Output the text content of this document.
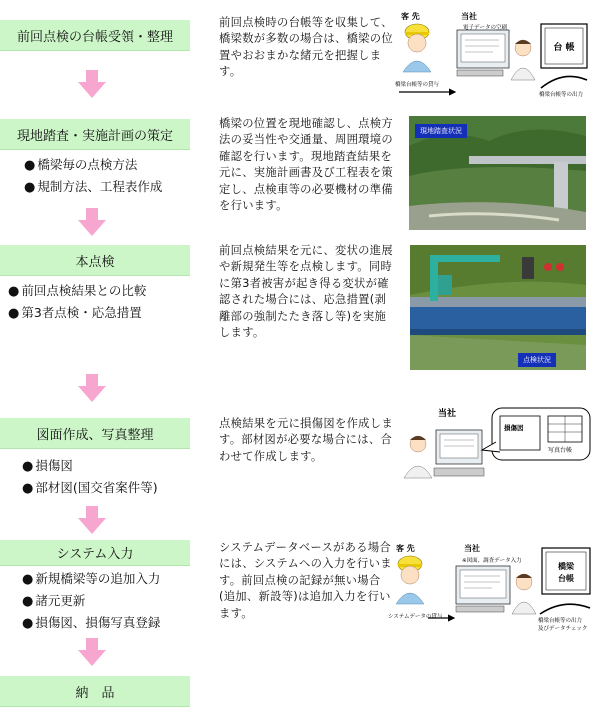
前回点検の台帳受領・整理
現地踏査・実施計画の策定
本点検
図面作成、写真整理
システム入力
納　品
● 橋梁毎の点検方法
● 規制方法、工程表作成
● 前回点検結果との比較
● 第3者点検・応急措置
● 損傷図
● 部材図(国交省案件等)
● 新規橋梁等の追加入力
● 諸元更新
● 損傷図、損傷写真登録
前回点検時の台帳等を収集して、橋梁数が多数の場合は、橋梁の位置やおおまかな緒元を把握します。
橋梁の位置を現地確認し、点検方法の妥当性や交通量、周囲環境の確認を行います。現地踏査結果を元に、実施計画書及び工程表を策定し、点検車等の必要機材の準備を行います。
前回点検結果を元に、変状の進展や新規発生等を点検します。同時に第3者被害が起き得る変状が確認された場合には、応急措置(剥離部の強制たたき落し等)を実施します。
点検結果を元に損傷図を作成します。部材図が必要な場合には、合わせて作成します。
システムデータベースがある場合には、システムへの入力を行います。前回点検の記録が無い場合(追加、新設等)は追加入力を行います。
客 先	当社
橋梁台帳等の貸与
電子データの空刷
台 帳
橋梁台帳等の出力
現地踏査状況
点検状況
当社
損傷図
写真台帳
客 先	当社
※図面、調査データ入力
システムデータの貸与
橋梁
台帳
橋梁台帳等の出力
及びデータチェック
